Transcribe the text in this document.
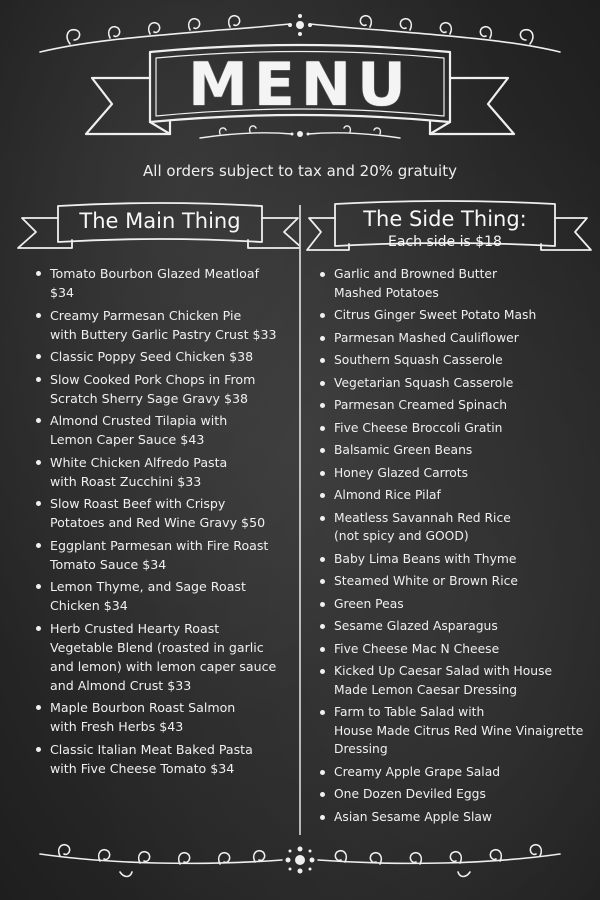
MENU
All orders subject to tax and 20% gratuity
The Main Thing	The Side Thing:
Each side is $18
Tomato Bourbon Glazed Meatloaf
$34
Creamy Parmesan Chicken Pie
with Buttery Garlic Pastry Crust $33
Classic Poppy Seed Chicken $38
Slow Cooked Pork Chops in From
Scratch Sherry Sage Gravy $38
Almond Crusted Tilapia with
Lemon Caper Sauce $43
White Chicken Alfredo Pasta
with Roast Zucchini $33
Slow Roast Beef with Crispy
Potatoes and Red Wine Gravy $50
Eggplant Parmesan with Fire Roast
Tomato Sauce $34
Lemon Thyme, and Sage Roast
Chicken $34
Herb Crusted Hearty Roast
Vegetable Blend (roasted in garlic
and lemon) with lemon caper sauce
and Almond Crust $33
Maple Bourbon Roast Salmon
with Fresh Herbs $43
Classic Italian Meat Baked Pasta
with Five Cheese Tomato $34
Garlic and Browned Butter
Mashed Potatoes
Citrus Ginger Sweet Potato Mash
Parmesan Mashed Cauliflower
Southern Squash Casserole
Vegetarian Squash Casserole
Parmesan Creamed Spinach
Five Cheese Broccoli Gratin
Balsamic Green Beans
Honey Glazed Carrots
Almond Rice Pilaf
Meatless Savannah Red Rice
(not spicy and GOOD)
Baby Lima Beans with Thyme
Steamed White or Brown Rice
Green Peas
Sesame Glazed Asparagus
Five Cheese Mac N Cheese
Kicked Up Caesar Salad with House
Made Lemon Caesar Dressing
Farm to Table Salad with
House Made Citrus Red Wine Vinaigrette
Dressing
Creamy Apple Grape Salad
One Dozen Deviled Eggs
Asian Sesame Apple Slaw
